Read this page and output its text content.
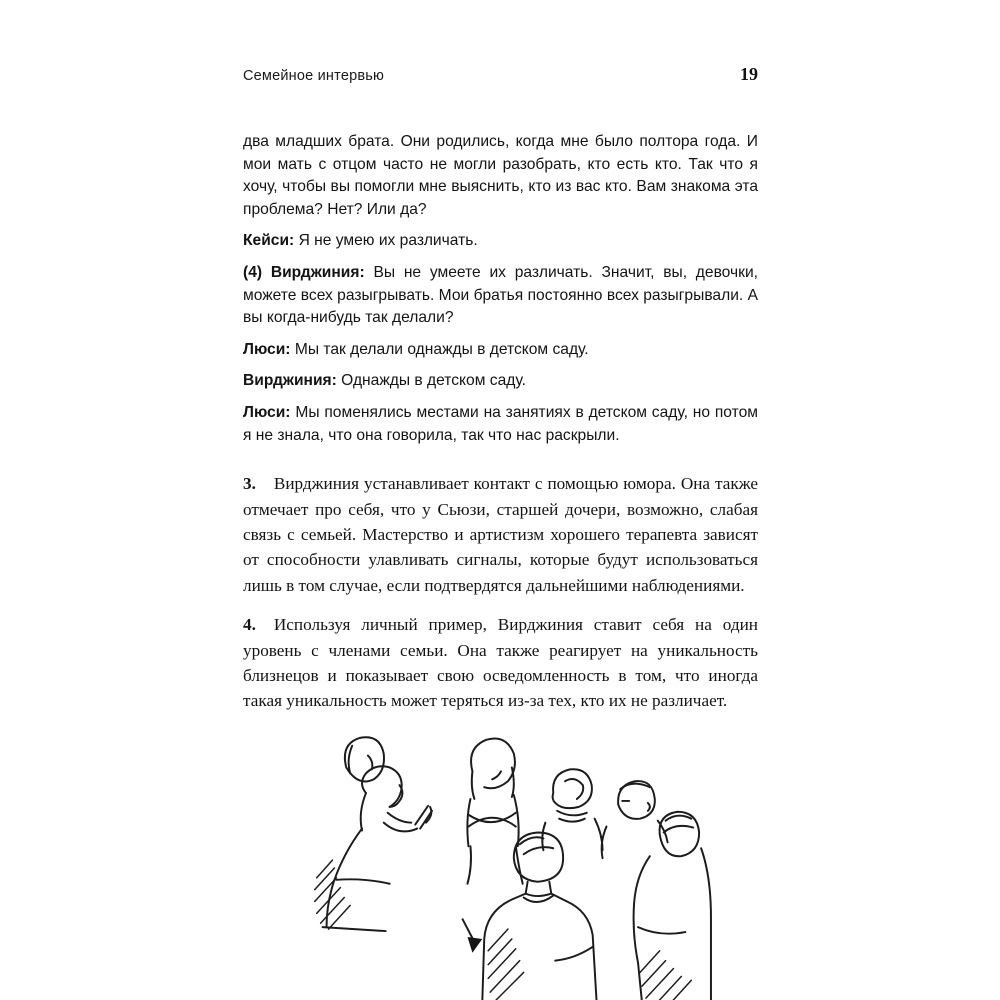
Семейное интервью	19

два младших брата. Они родились, когда мне было полтора года. И мои мать с отцом часто не могли разобрать, кто есть кто. Так что я хочу, чтобы вы помогли мне выяснить, кто из вас кто. Вам знакома эта проблема? Нет? Или да?

Кейси: Я не умею их различать.

(4) Вирджиния: Вы не умеете их различать. Значит, вы, девочки, можете всех разыгрывать. Мои братья постоянно всех разыгрывали. А вы когда-нибудь так делали?

Люси: Мы так делали однажды в детском саду.

Вирджиния: Однажды в детском саду.

Люси: Мы поменялись местами на занятиях в детском саду, но потом я не знала, что она говорила, так что нас раскрыли.

3. Вирджиния устанавливает контакт с помощью юмора. Она также отмечает про себя, что у Сьюзи, старшей дочери, возможно, слабая связь с семьей. Мастерство и артистизм хорошего терапевта зависят от способности улавливать сигналы, которые будут использоваться лишь в том случае, если подтвердятся дальнейшими наблюдениями.

4. Используя личный пример, Вирджиния ставит себя на один уровень с членами семьи. Она также реагирует на уникальность близнецов и показывает свою осведомленность в том, что иногда такая уникальность может теряться из-за тех, кто их не различает.
